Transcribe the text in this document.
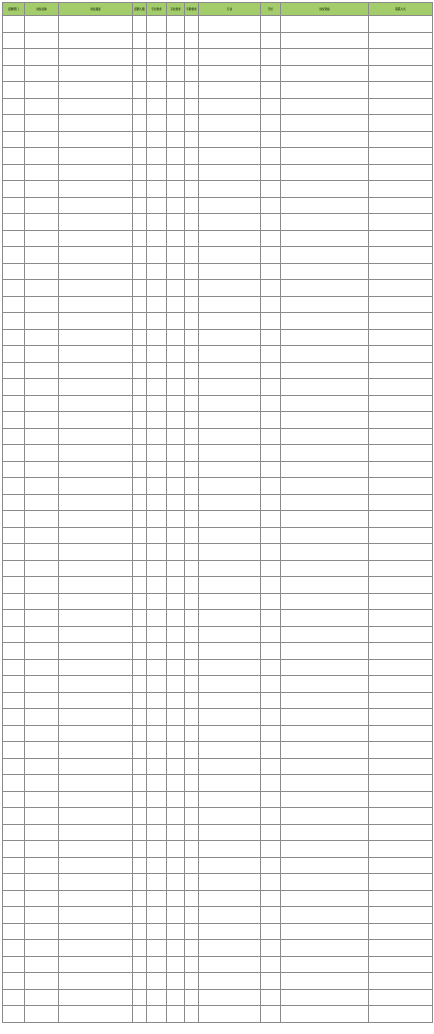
招聘部门	岗位名称	岗位描述	招聘人数	学历要求	专业要求	年龄要求	专业	学历	岗位资格	联系方式
